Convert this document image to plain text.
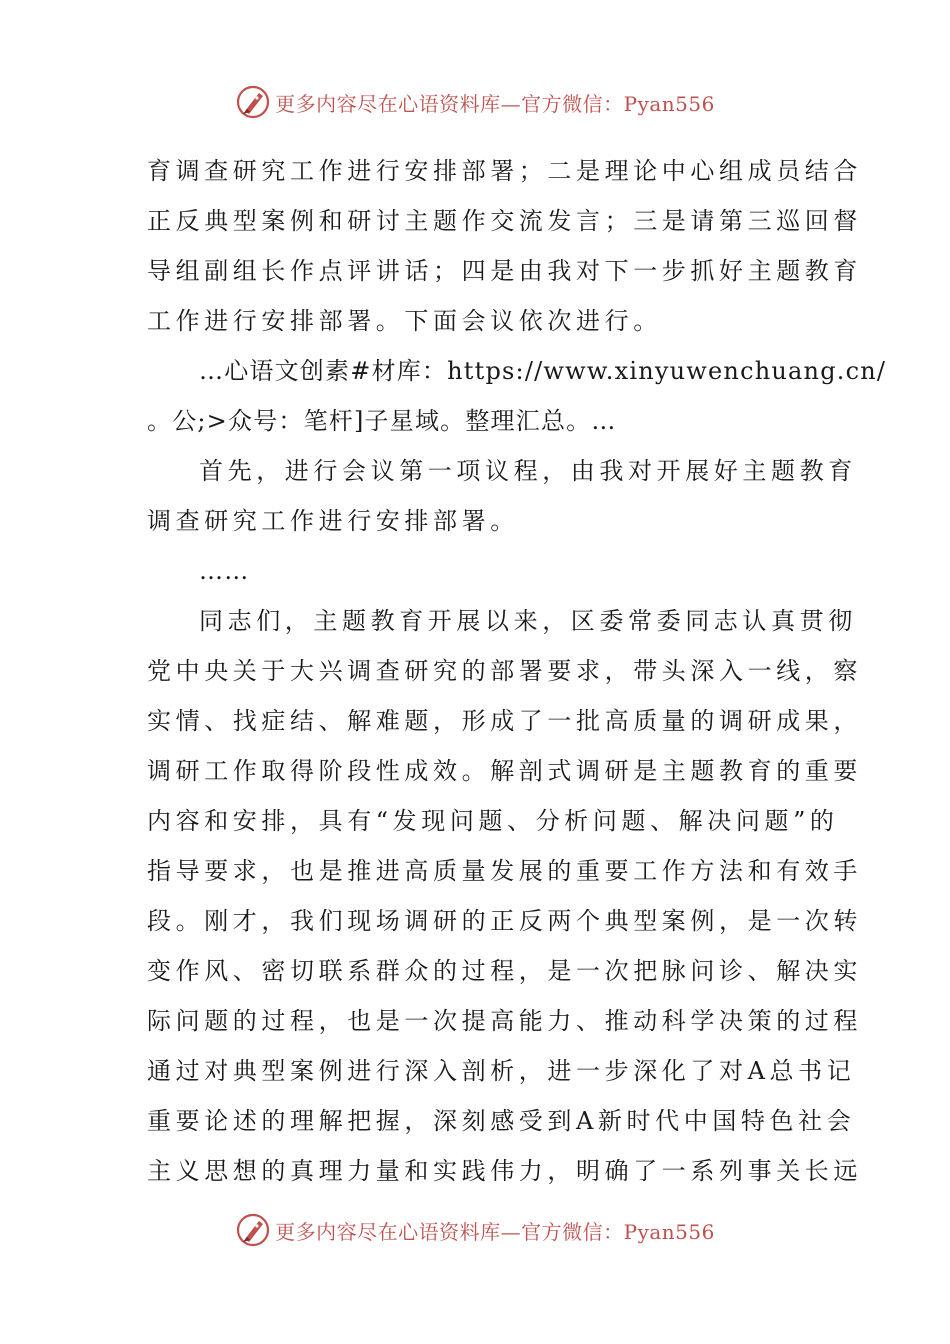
更多内容尽在心语资料库—官方微信：Pyan556
育调查研究工作进行安排部署；二是理论中心组成员结合
正反典型案例和研讨主题作交流发言；三是请第三巡回督
导组副组长作点评讲话；四是由我对下一步抓好主题教育
工作进行安排部署。下面会议依次进行。
…心语文创素#材库：https://www.xinyuwenchuang.cn/
。公;>众号：笔杆]子星域。整理汇总。…
首先，进行会议第一项议程，由我对开展好主题教育
调查研究工作进行安排部署。
……
同志们，主题教育开展以来，区委常委同志认真贯彻
党中央关于大兴调查研究的部署要求，带头深入一线，察
实情、找症结、解难题，形成了一批高质量的调研成果，
调研工作取得阶段性成效。解剖式调研是主题教育的重要
内容和安排，具有“发现问题、分析问题、解决问题”的
指导要求，也是推进高质量发展的重要工作方法和有效手
段。刚才，我们现场调研的正反两个典型案例，是一次转
变作风、密切联系群众的过程，是一次把脉问诊、解决实
际问题的过程，也是一次提高能力、推动科学决策的过程
通过对典型案例进行深入剖析，进一步深化了对A总书记
重要论述的理解把握，深刻感受到A新时代中国特色社会
主义思想的真理力量和实践伟力，明确了一系列事关长远
更多内容尽在心语资料库—官方微信：Pyan556
